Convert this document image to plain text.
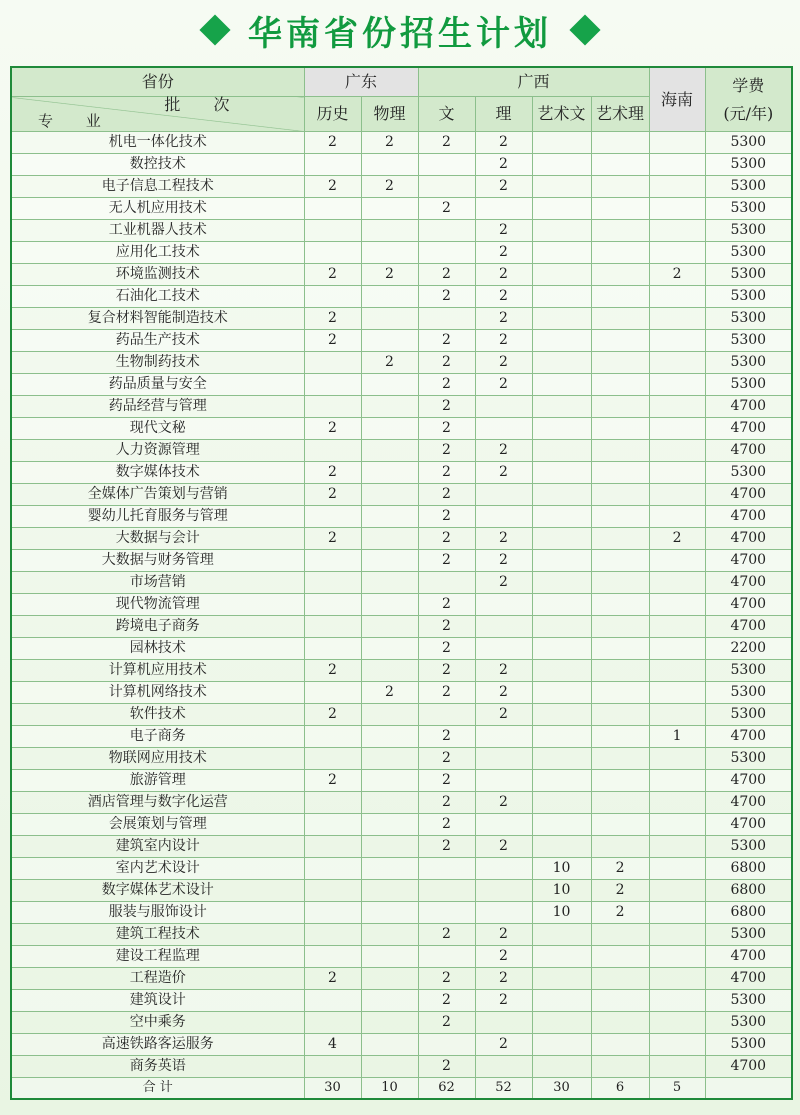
华南省份招生计划
省份	广东		广西				海南	学费
(元/年)

批 次
专 业	历史	物理	文	理	艺术文	艺术理		
机电一体化技术	2	2	2	2				5300
数控技术				2				5300
电子信息工程技术	2	2		2				5300
无人机应用技术			2					5300
工业机器人技术				2				5300
应用化工技术				2				5300
环境监测技术	2	2	2	2			2	5300
石油化工技术			2	2				5300
复合材料智能制造技术	2			2				5300
药品生产技术	2		2	2				5300
生物制药技术		2	2	2				5300
药品质量与安全			2	2				5300
药品经营与管理			2					4700
现代文秘	2		2					4700
人力资源管理			2	2				4700
数字媒体技术	2		2	2				5300
全媒体广告策划与营销	2		2					4700
婴幼儿托育服务与管理			2					4700
大数据与会计	2		2	2			2	4700
大数据与财务管理			2	2				4700
市场营销				2				4700
现代物流管理			2					4700
跨境电子商务			2					4700
园林技术			2					2200
计算机应用技术	2		2	2				5300
计算机网络技术		2	2	2				5300
软件技术	2			2				5300
电子商务			2				1	4700
物联网应用技术			2					5300
旅游管理	2		2					4700
酒店管理与数字化运营			2	2				4700
会展策划与管理			2					4700
建筑室内设计			2	2				5300
室内艺术设计					10	2		6800
数字媒体艺术设计					10	2		6800
服装与服饰设计					10	2		6800
建筑工程技术			2	2				5300
建设工程监理				2				4700
工程造价	2		2	2				4700
建筑设计			2	2				5300
空中乘务			2					5300
高速铁路客运服务	4			2				5300
商务英语			2					4700
合 计	30	10	62	52	30	6	5	
